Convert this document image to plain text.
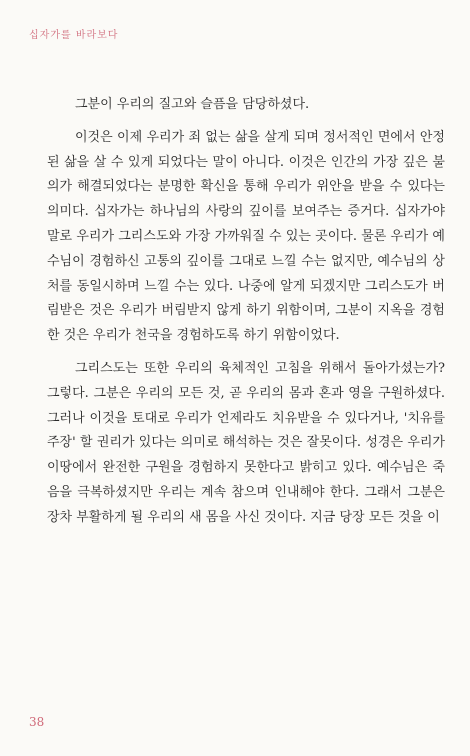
십자가를 바라보다

그분이 우리의 질고와 슬픔을 담당하셨다.

이것은 이제 우리가 죄 없는 삶을 살게 되며 정서적인 면에서 안정된 삶을 살 수 있게 되었다는 말이 아니다. 이것은 인간의 가장 깊은 불의가 해결되었다는 분명한 확신을 통해 우리가 위안을 받을 수 있다는 의미다. 십자가는 하나님의 사랑의 깊이를 보여주는 증거다. 십자가야말로 우리가 그리스도와 가장 가까워질 수 있는 곳이다. 물론 우리가 예수님이 경험하신 고통의 깊이를 그대로 느낄 수는 없지만, 예수님의 상처를 동일시하며 느낄 수는 있다. 나중에 알게 되겠지만 그리스도가 버림받은 것은 우리가 버림받지 않게 하기 위함이며, 그분이 지옥을 경험한 것은 우리가 천국을 경험하도록 하기 위함이었다.

그리스도는 또한 우리의 육체적인 고침을 위해서 돌아가셨는가? 그렇다. 그분은 우리의 모든 것, 곧 우리의 몸과 혼과 영을 구원하셨다. 그러나 이것을 토대로 우리가 언제라도 치유받을 수 있다거나, '치유를 주장' 할 권리가 있다는 의미로 해석하는 것은 잘못이다. 성경은 우리가 이땅에서 완전한 구원을 경험하지 못한다고 밝히고 있다. 예수님은 죽음을 극복하셨지만 우리는 계속 참으며 인내해야 한다. 그래서 그분은 장차 부활하게 될 우리의 새 몸을 사신 것이다. 지금 당장 모든 것을 이

38
